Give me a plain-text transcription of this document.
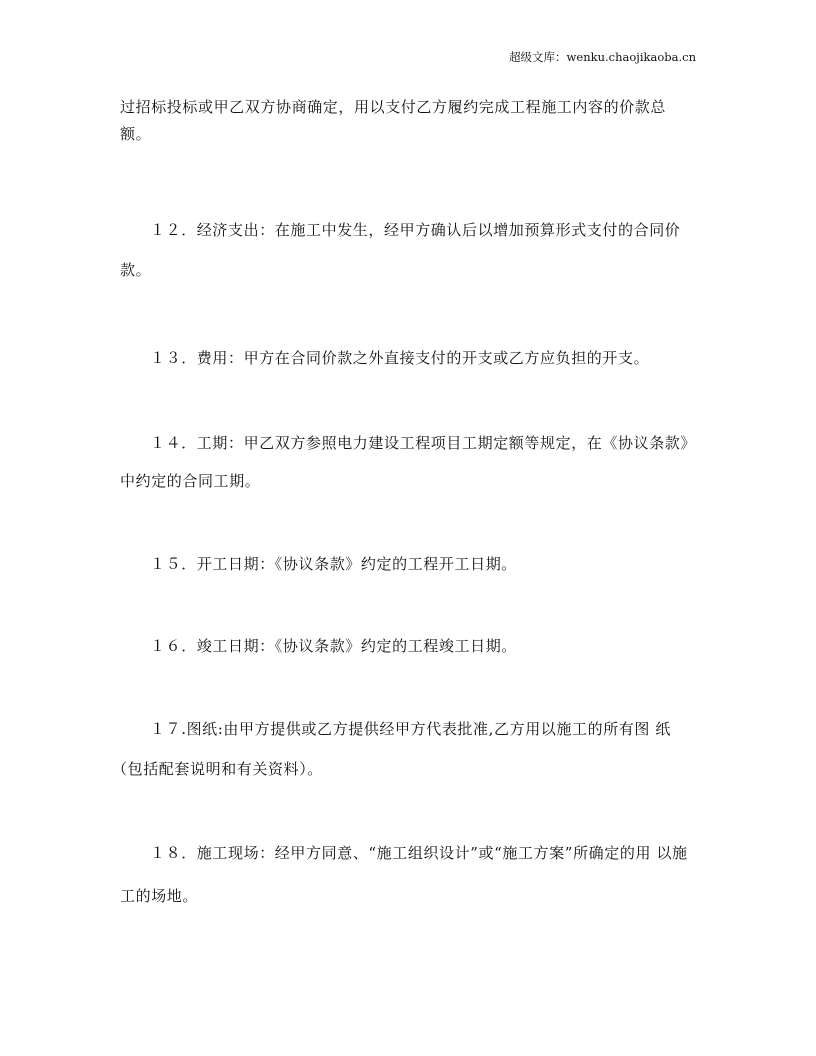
超级文库：wenku.chaojikaoba.cn
过招标投标或甲乙双方协商确定，用以支付乙方履约完成工程施工内容的价款总
额。
１２．经济支出：在施工中发生，经甲方确认后以增加预算形式支付的合同价
款。
１３．费用：甲方在合同价款之外直接支付的开支或乙方应负担的开支。
１４．工期：甲乙双方参照电力建设工程项目工期定额等规定，在《协议条款》
中约定的合同工期。
１５．开工日期：《协议条款》约定的工程开工日期。
１６．竣工日期：《协议条款》约定的工程竣工日期。
１７.图纸:由甲方提供或乙方提供经甲方代表批准,乙方用以施工的所有图 纸
（包括配套说明和有关资料）。
１８．施工现场：经甲方同意、“施工组织设计”或“施工方案”所确定的用 以施
工的场地。
